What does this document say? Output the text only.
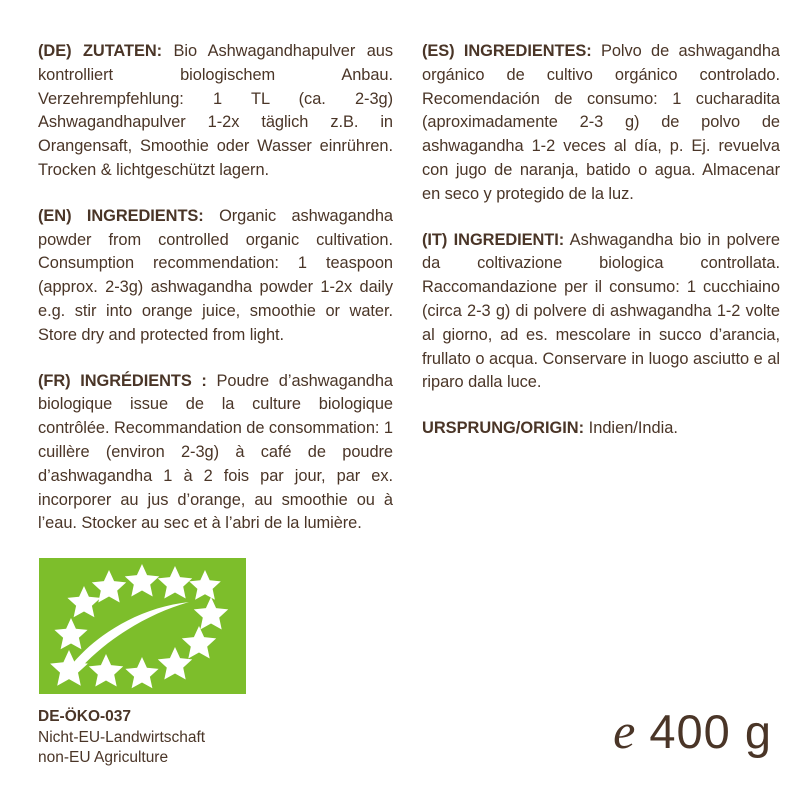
(DE) ZUTATEN: Bio Ashwagandhapulver aus kontrolliert biologischem Anbau. Verzehrempfehlung: 1 TL (ca. 2-3g) Ashwagandhapulver 1-2x täglich z.B. in Orangensaft, Smoothie oder Wasser einrühren. Trocken & lichtgeschützt lagern.

(EN) INGREDIENTS: Organic ashwagandha powder from controlled organic cultivation. Consumption recommendation: 1 teaspoon (approx. 2-3g) ashwagandha powder 1-2x daily e.g. stir into orange juice, smoothie or water. Store dry and protected from light.

(FR) INGRÉDIENTS : Poudre d’ashwagandha biologique issue de la culture biologique contrôlée. Recommandation de consommation: 1 cuillère (environ 2-3g) à café de poudre d’ashwagandha 1 à 2 fois par jour, par ex. incorporer au jus d’orange, au smoothie ou à l’eau. Stocker au sec et à l’abri de la lumière.

(ES) INGREDIENTES: Polvo de ashwagandha orgánico de cultivo orgánico controlado. Recomendación de consumo: 1 cucharadita (aproximadamente 2-3 g) de polvo de ashwagandha 1-2 veces al día, p. Ej. revuelva con jugo de naranja, batido o agua. Almacenar en seco y protegido de la luz.

(IT) INGREDIENTI: Ashwagandha bio in polvere da coltivazione biologica controllata. Raccomandazione per il consumo: 1 cucchiaino (circa 2-3 g) di polvere di ashwagandha 1-2 volte al giorno, ad es. mescolare in succo d’arancia, frullato o acqua. Conservare in luogo asciutto e al riparo dalla luce.

URSPRUNG/ORIGIN: Indien/India.

DE-ÖKO-037
Nicht-EU-Landwirtschaft
non-EU Agriculture	e 400 g
